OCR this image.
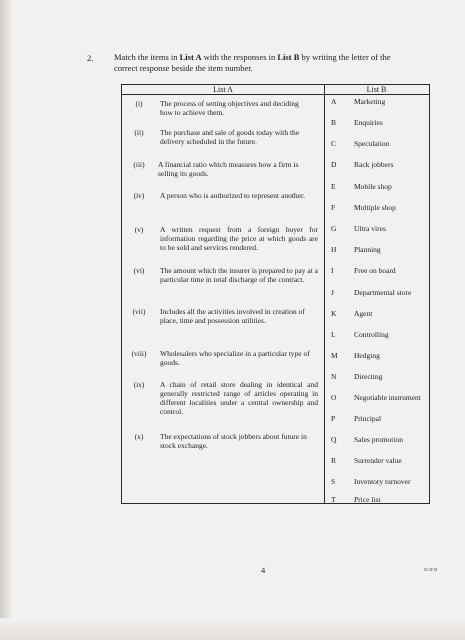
2. Match the items in List A with the responses in List B by writing the letter of the correct response beside the item number.
List A	List B
(i)	The process of setting objectives and deciding how to achieve them.
(ii)	The purchase and sale of goods today with the delivery scheduled in the future.
(iii)	A financial ratio which measures how a firm is selling its goods.
(iv)	A person who is authorized to represent another.
(v)	A written request from a foreign buyer for information regarding the price at which goods are to be sold and services rendered.
(vi)	The amount which the insurer is prepared to pay at a particular time in total discharge of the contract.
(vii)	Includes all the activities involved in creation of place, time and possession utilities.
(viii)	Wholesalers who specialize in a particular type of goods.
(ix)	A chain of retail store dealing in identical and generally restricted range of articles operating in different localities under a central ownership and control.
(x)	The expectations of stock jobbers about future in stock exchange.
A Marketing
B Enquiries
C Speculation
D Rack jobbers
E Mobile shop
F	Multiple shop
G Ultra vires
H Planning
I	Free on board
J	Departmental store
K Agent
L Controlling
M Hedging
N Directing
O Negotiable instrument
P	Principal
Q Sales promotion
R Surrender value
S	Inventory turnover
T Price list
4	03.3F18
